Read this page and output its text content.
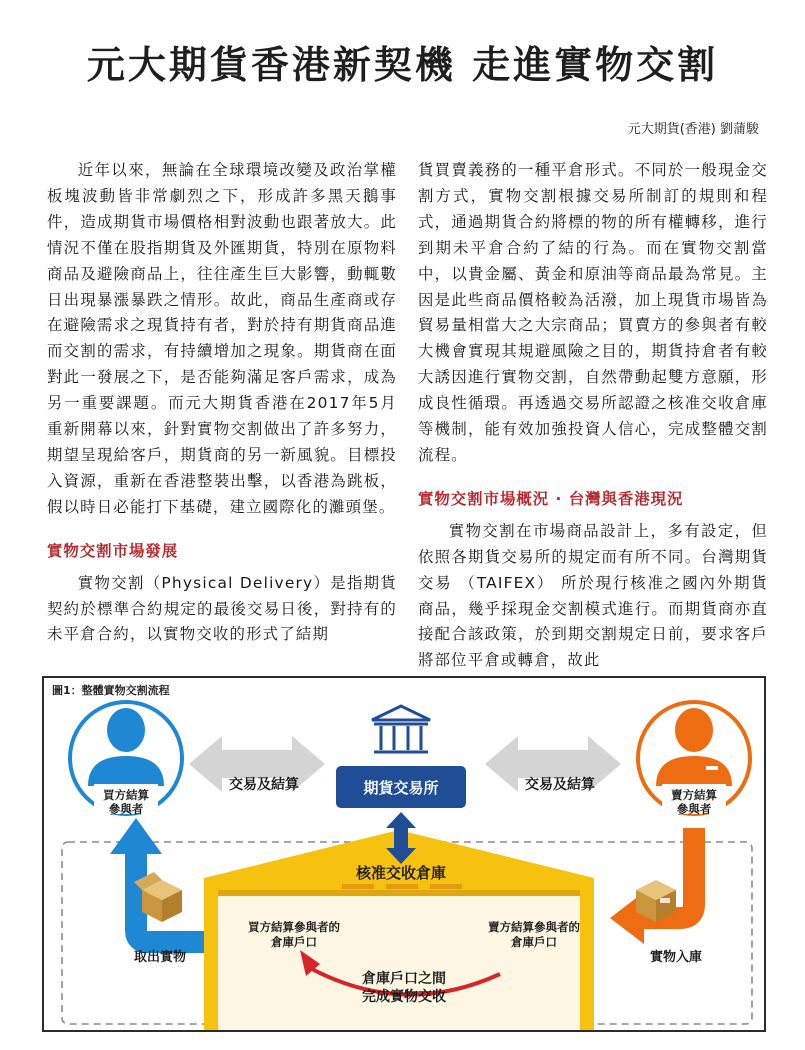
元大期貨香港新契機 走進實物交割
元大期貨(香港) 劉蒲駿

近年以來，無論在全球環境改變及政治掌權板塊波動皆非常劇烈之下，形成許多黑天鵝事件，造成期貨市場價格相對波動也跟著放大。此情況不僅在股指期貨及外匯期貨，特別在原物料商品及避險商品上，往往產生巨大影響，動輒數日出現暴漲暴跌之情形。故此，商品生產商或存在避險需求之現貨持有者，對於持有期貨商品進而交割的需求，有持續增加之現象。期貨商在面對此一發展之下，是否能夠滿足客戶需求，成為另一重要課題。而元大期貨香港在2017年5月重新開幕以來，針對實物交割做出了許多努力，期望呈現給客戶，期貨商的另一新風貌。目標投入資源，重新在香港整裝出擊，以香港為跳板，假以時日必能打下基礎，建立國際化的灘頭堡。

實物交割市場發展

實物交割（Physical Delivery）是指期貨契約於標準合約規定的最後交易日後，對持有的未平倉合約，以實物交收的形式了結期

貨買賣義務的一種平倉形式。不同於一般現金交割方式，實物交割根據交易所制訂的規則和程式，通過期貨合約將標的物的所有權轉移，進行到期未平倉合約了結的行為。而在實物交割當中，以貴金屬、黃金和原油等商品最為常見。主因是此些商品價格較為活潑，加上現貨市場皆為貿易量相當大之大宗商品；買賣方的參與者有較大機會實現其規避風險之目的，期貨持倉者有較大誘因進行實物交割，自然帶動起雙方意願，形成良性循環。再透過交易所認證之核准交收倉庫等機制，能有效加強投資人信心，完成整體交割流程。

實物交割市場概況 · 台灣與香港現況

實物交割在市場商品設計上，多有設定，但依照各期貨交易所的規定而有所不同。台灣期貨交易 （TAIFEX） 所於現行核准之國內外期貨商品，幾乎採現金交割模式進行。而期貨商亦直接配合該政策，於到期交割規定日前，要求客戶將部位平倉或轉倉，故此

圖1：整體實物交割流程
買方結算
參與者
賣方結算
參與者
交易及結算	交易及結算
期貨交易所
核准交收倉庫
買方結算參與者的
倉庫戶口
賣方結算參與者的
倉庫戶口
倉庫戶口之間
完成實物交收
取出實物	實物入庫
